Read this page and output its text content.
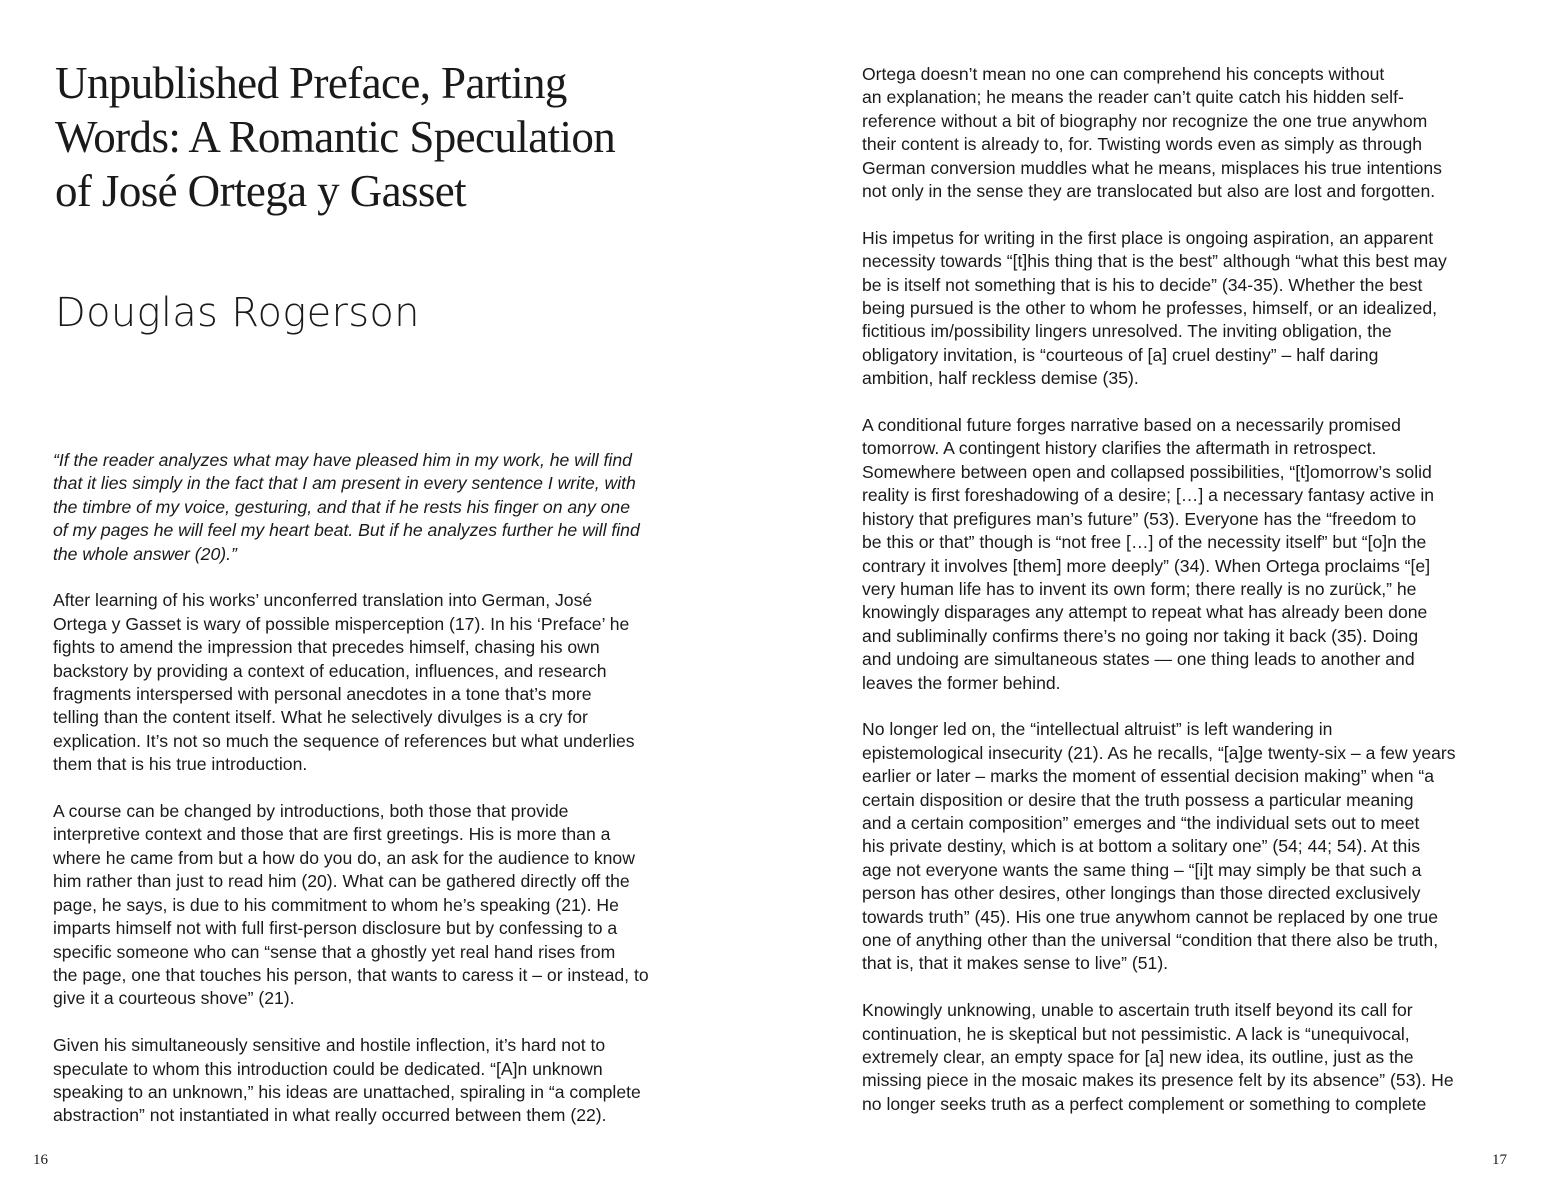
Unpublished Preface, Parting
Words: A Romantic Speculation
of José Ortega y Gasset
Douglas Rogerson

“If the reader analyzes what may have pleased him in my work, he will find
that it lies simply in the fact that I am present in every sentence I write, with
the timbre of my voice, gesturing, and that if he rests his finger on any one
of my pages he will feel my heart beat. But if he analyzes further he will find
the whole answer (20).”

After learning of his works’ unconferred translation into German, José
Ortega y Gasset is wary of possible misperception (17). In his ‘Preface’ he
fights to amend the impression that precedes himself, chasing his own
backstory by providing a context of education, influences, and research
fragments interspersed with personal anecdotes in a tone that’s more
telling than the content itself. What he selectively divulges is a cry for
explication. It’s not so much the sequence of references but what underlies
them that is his true introduction.

A course can be changed by introductions, both those that provide
interpretive context and those that are first greetings. His is more than a
where he came from but a how do you do, an ask for the audience to know
him rather than just to read him (20). What can be gathered directly off the
page, he says, is due to his commitment to whom he’s speaking (21). He
imparts himself not with full first-person disclosure but by confessing to a
specific someone who can “sense that a ghostly yet real hand rises from
the page, one that touches his person, that wants to caress it – or instead, to
give it a courteous shove” (21).

Given his simultaneously sensitive and hostile inflection, it’s hard not to
speculate to whom this introduction could be dedicated. “[A]n unknown
speaking to an unknown,” his ideas are unattached, spiraling in “a complete
abstraction” not instantiated in what really occurred between them (22).

16

Ortega doesn’t mean no one can comprehend his concepts without
an explanation; he means the reader can’t quite catch his hidden self-
reference without a bit of biography nor recognize the one true anywhom
their content is already to, for. Twisting words even as simply as through
German conversion muddles what he means, misplaces his true intentions
not only in the sense they are translocated but also are lost and forgotten.

His impetus for writing in the first place is ongoing aspiration, an apparent
necessity towards “[t]his thing that is the best” although “what this best may
be is itself not something that is his to decide” (34-35). Whether the best
being pursued is the other to whom he professes, himself, or an idealized,
fictitious im/possibility lingers unresolved. The inviting obligation, the
obligatory invitation, is “courteous of [a] cruel destiny” – half daring
ambition, half reckless demise (35).

A conditional future forges narrative based on a necessarily promised
tomorrow. A contingent history clarifies the aftermath in retrospect.
Somewhere between open and collapsed possibilities, “[t]omorrow’s solid
reality is first foreshadowing of a desire; […] a necessary fantasy active in
history that prefigures man’s future” (53). Everyone has the “freedom to
be this or that” though is “not free […] of the necessity itself” but “[o]n the
contrary it involves [them] more deeply” (34). When Ortega proclaims “[e]
very human life has to invent its own form; there really is no zurück,” he
knowingly disparages any attempt to repeat what has already been done
and subliminally confirms there’s no going nor taking it back (35). Doing
and undoing are simultaneous states — one thing leads to another and
leaves the former behind.

No longer led on, the “intellectual altruist” is left wandering in
epistemological insecurity (21). As he recalls, “[a]ge twenty-six – a few years
earlier or later – marks the moment of essential decision making” when “a
certain disposition or desire that the truth possess a particular meaning
and a certain composition” emerges and “the individual sets out to meet
his private destiny, which is at bottom a solitary one” (54; 44; 54). At this
age not everyone wants the same thing – “[i]t may simply be that such a
person has other desires, other longings than those directed exclusively
towards truth” (45). His one true anywhom cannot be replaced by one true
one of anything other than the universal “condition that there also be truth,
that is, that it makes sense to live” (51).

Knowingly unknowing, unable to ascertain truth itself beyond its call for
continuation, he is skeptical but not pessimistic. A lack is “unequivocal,
extremely clear, an empty space for [a] new idea, its outline, just as the
missing piece in the mosaic makes its presence felt by its absence” (53). He
no longer seeks truth as a perfect complement or something to complete

17
